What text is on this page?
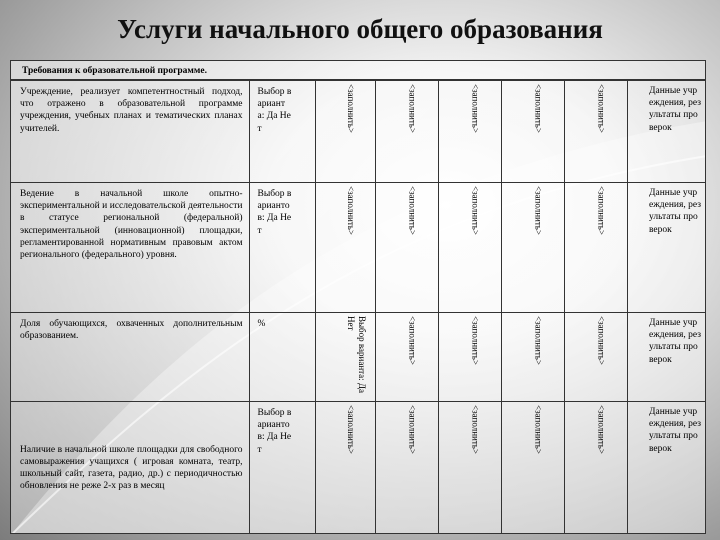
Услуги начального общего образования
Требования к образовательной программе.
Учреждение, реализует компетентностный подход, что отражено в образовательной программе учреждения, учебных планах и тематических планах учителей.	Выбор варианта: Да Нет	<заполнить>	<заполнить>	<заполнить>	<заполнить>	<заполнить>	Данные учреждения, результаты проверок

Ведение в начальной школе опытно-экспериментальной и исследовательской деятельности в статусе региональной (федеральной) экспериментальной (инновационной) площадки, регламентированной нормативным правовым актом регионального (федерального) уровня.	Выбор варианто в: Да Нет	<заполнить>	<заполнить>	<заполнить>	<заполнить>	<заполнить>	Данные учреждения, результаты проверок

Доля обучающихся, охваченных дополнительным образованием.	%	Выбор варианта: Да Нет	<заполнить>	<заполнить>	<заполнить>	<заполнить>	Данные учреждения, результаты проверок

Наличие в начальной школе площадки для свободного самовыражения учащихся ( игровая комната, театр, школьный сайт, газета, радио, др.) с периодичностью обновления не реже 2-х раз в месяц	Выбор варианто в: Да Нет	<заполнить>	<заполнить>	<заполнить>	<заполнить>	<заполнить>	Данные учреждения, результаты проверок
